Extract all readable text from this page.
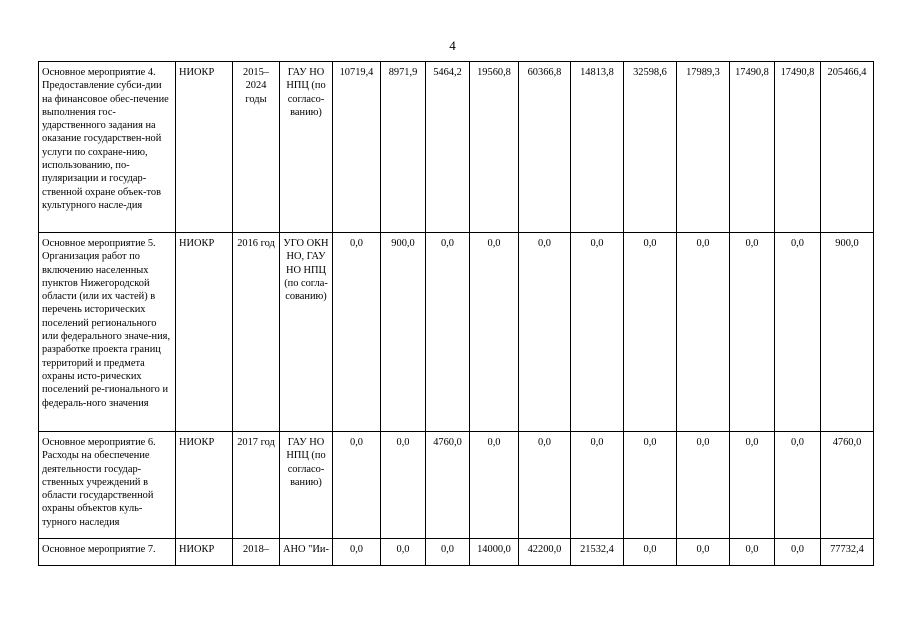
4
Основное мероприятие 4. Предоставление субси-дии на финансовое обес-печение выполнения гос-ударственного задания на оказание государствен-ной услуги по сохране-нию, использованию, по-пуляризации и государ-ственной охране объек-тов культурного насле-дия	НИОКР	2015–2024 годы	ГАУ НО НПЦ (по согласо-ванию)	10719,4	8971,9	5464,2	19560,8	60366,8	14813,8	32598,6	17989,3	17490,8	17490,8	205466,4
Основное мероприятие 5. Организация работ по включению населенных пунктов Нижегородской области (или их частей) в перечень исторических поселений регионального или федерального значе-ния, разработке проекта границ территорий и предмета охраны исто-рических поселений ре-гионального и федераль-ного значения	НИОКР	2016 год	УГО ОКН НО, ГАУ НО НПЦ (по согла-сованию)	0,0	900,0	0,0	0,0	0,0	0,0	0,0	0,0	0,0	0,0	900,0
Основное мероприятие 6. Расходы на обеспечение деятельности государ-ственных учреждений в области государственной охраны объектов куль-турного наследия	НИОКР	2017 год	ГАУ НО НПЦ (по согласо-ванию)	0,0	0,0	4760,0	0,0	0,0	0,0	0,0	0,0	0,0	0,0	4760,0
Основное мероприятие 7.	НИОКР	2018–	АНО "Ии-	0,0	0,0	0,0	14000,0	42200,0	21532,4	0,0	0,0	0,0	0,0	77732,4
